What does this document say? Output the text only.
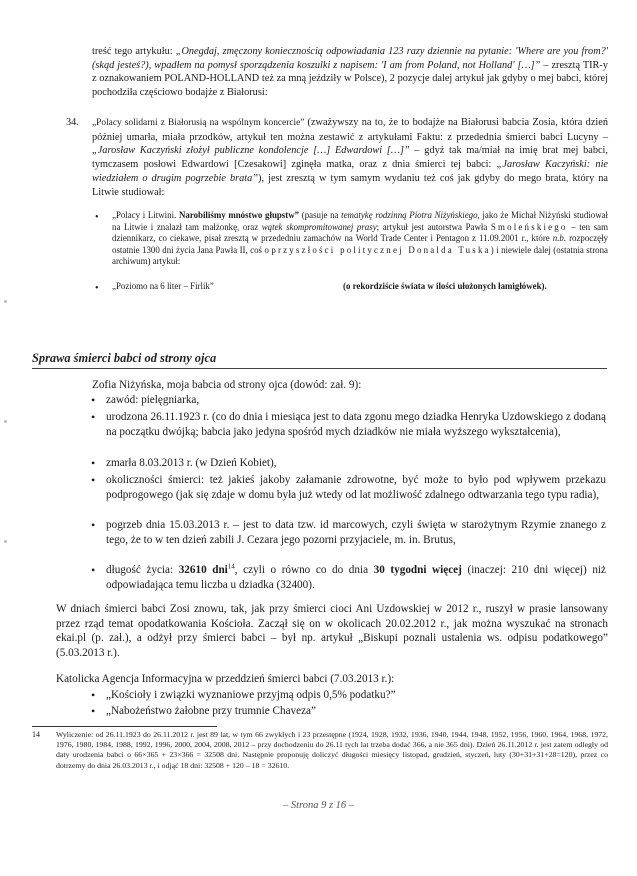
treść tego artykułu: „Onegdaj, zmęczony koniecznością odpowiadania 123 razy dziennie na pytanie: 'Where are you from?' (skąd jesteś?), wpadłem na pomysł sporządzenia koszulki z napisem: 'I am from Poland, not Holland' […]” – zresztą TIR-y z oznakowaniem POLAND-HOLLAND też za mną jeździły w Polsce), 2 pozycje dalej artykuł jak gdyby o mej babci, której pochodziła częściowo bodajże z Białorusi:

34. „Polacy solidarni z Białorusią na wspólnym koncercie” (zważywszy na to, że to bodajże na Białorusi babcia Zosia, która dzień później umarła, miała przodków, artykuł ten można zestawić z artykułami Faktu: z przedednia śmierci babci Lucyny – „Jarosław Kaczyński złożył publiczne kondolencje […] Edwardowi […]” – gdyż tak ma/miał na imię brat mej babci, tymczasem posłowi Edwardowi [Czesakowi] zginęła matka, oraz z dnia śmierci tej babci: „Jarosław Kaczyński: nie wiedziałem o drugim pogrzebie brata”), jest zresztą w tym samym wydaniu też coś jak gdyby do mego brata, który na Litwie studiował:

• „Polacy i Litwini. Narobiliśmy mnóstwo głupstw” (pasuje na tematykę rodzinną Piotra Niżyńskiego, jako że Michał Niżyński studiował na Litwie i znalazł tam małżonkę, oraz wątek skompromitowanej prasy; artykuł jest autorstwa Pawła Smoleńskiego – ten sam dziennikarz, co ciekawe, pisał zresztą w przededniu zamachów na World Trade Center i Pentagon z 11.09.2001 r., które n.b. rozpoczęły ostatnie 1300 dni życia Jana Pawła II, coś o przyszłości politycznej Donalda Tuska) i niewiele dalej (ostatnia strona archiwum) artykuł:

• „Poziomo na 6 liter – Firlik”	(o rekordziście świata w ilości ułożonych łamigłówek).

Sprawa śmierci babci od strony ojca

Zofia Niżyńska, moja babcia od strony ojca (dowód: zał. 9):

• zawód: pielęgniarka,

• urodzona 26.11.1923 r. (co do dnia i miesiąca jest to data zgonu mego dziadka Henryka Uzdowskiego z dodaną na początku dwójką; babcia jako jedyna spośród mych dziadków nie miała wyższego wykształcenia),

• zmarła 8.03.2013 r. (w Dzień Kobiet),

• okoliczności śmierci: też jakieś jakoby załamanie zdrowotne, być może to było pod wpływem przekazu podprogowego (jak się zdaje w domu była już wtedy od lat możliwość zdalnego odtwarzania tego typu radia),

• pogrzeb dnia 15.03.2013 r. – jest to data tzw. id marcowych, czyli święta w starożytnym Rzymie znanego z tego, że to w ten dzień zabili J. Cezara jego pozorni przyjaciele, m. in. Brutus,

• długość życia: 32610 dni$^{14}$, czyli o równo co do dnia 30 tygodni więcej (inaczej: 210 dni więcej) niż odpowiadająca temu liczba u dziadka (32400).

W dniach śmierci babci Zosi znowu, tak, jak przy śmierci cioci Ani Uzdowskiej w 2012 r., ruszył w prasie lansowany przez rząd temat opodatkowania Kościoła. Zaczął się on w okolicach 20.02.2012 r., jak można wyszukać na stronach ekai.pl (p. zał.), a odżył przy śmierci babci – był np. artykuł „Biskupi poznali ustalenia ws. odpisu podatkowego” (5.03.2013 r.).

Katolicka Agencja Informacyjna w przeddzień śmierci babci (7.03.2013 r.):

• „Kościoły i związki wyznaniowe przyjmą odpis 0,5% podatku?”

• „Nabożeństwo żałobne przy trumnie Chaveza”

14 Wyliczenie: od 26.11.1923 do 26.11.2012 r. jest 89 lat, w tym 66 zwykłych i 23 przestępne (1924, 1928, 1932, 1936, 1940, 1944, 1948, 1952, 1956, 1960, 1964, 1968, 1972, 1976, 1980, 1984, 1988, 1992, 1996, 2000, 2004, 2008, 2012 – przy dochodzeniu do 26.11 tych lat trzeba dodać 366, a nie 365 dni). Dzień 26.11.2012 r. jest zatem odległy od daty urodzenia babci o 66×365 + 23×366 = 32508 dni. Następnie proponuję doliczyć długości miesięcy listopad, grudzień, styczeń, luty (30+31+31+28=120), przez co dotrzemy do dnia 26.03.2013 r., i odjąć 18 dni: 32508 + 120 – 18 = 32610.

– Strona 9 z 16 –
